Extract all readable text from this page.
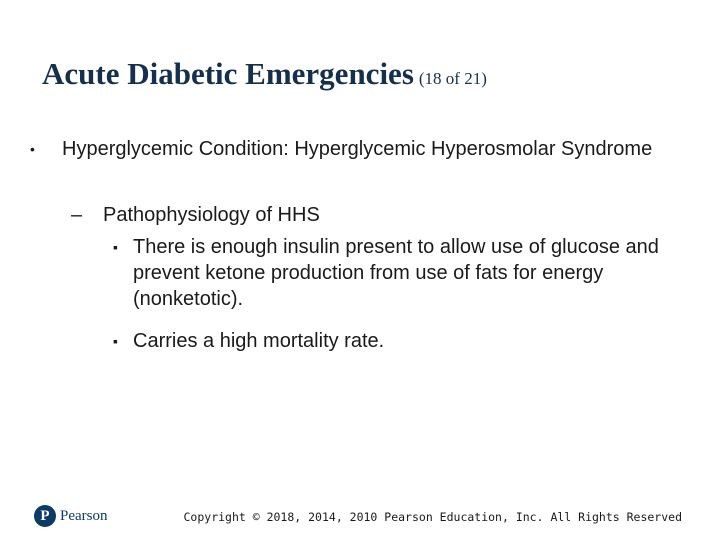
Acute Diabetic Emergencies (18 of 21)
• Hyperglycemic Condition: Hyperglycemic Hyperosmolar Syndrome
– Pathophysiology of HHS
▪ There is enough insulin present to allow use of glucose and prevent ketone production from use of fats for energy (nonketotic).
▪ Carries a high mortality rate.
P Pearson	Copyright © 2018, 2014, 2010 Pearson Education, Inc. All Rights Reserved
